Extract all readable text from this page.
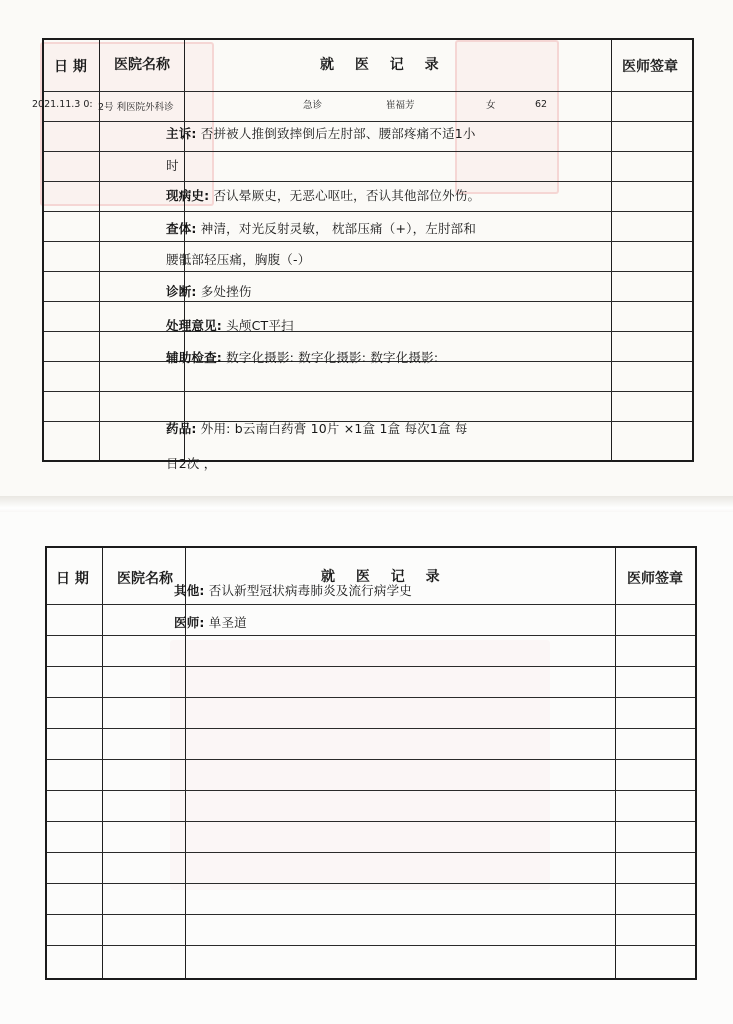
日 期 医院名称	就 医 记 录	医师签章
2021.11.3 0: 2号 利医院外科诊	急诊	崔福芳	女	62
主诉: 否拼被人推倒致摔倒后左肘部、腰部疼痛不适1小
时
现病史: 否认晕厥史，无恶心呕吐，否认其他部位外伤。
查体: 神清，对光反射灵敏， 枕部压痛（+），左肘部和
腰骶部轻压痛，胸腹（-）
诊断: 多处挫伤
处理意见: 头颅CT平扫
辅助检查: 数字化摄影: 数字化摄影: 数字化摄影:
药品: 外用: b云南白药膏 10片 ×1盒 1盒 每次1盒 每
日2次 ，
日 期 医院名称	就 医 记 录	医师签章
其他: 否认新型冠状病毒肺炎及流行病学史
医师: 单圣道
